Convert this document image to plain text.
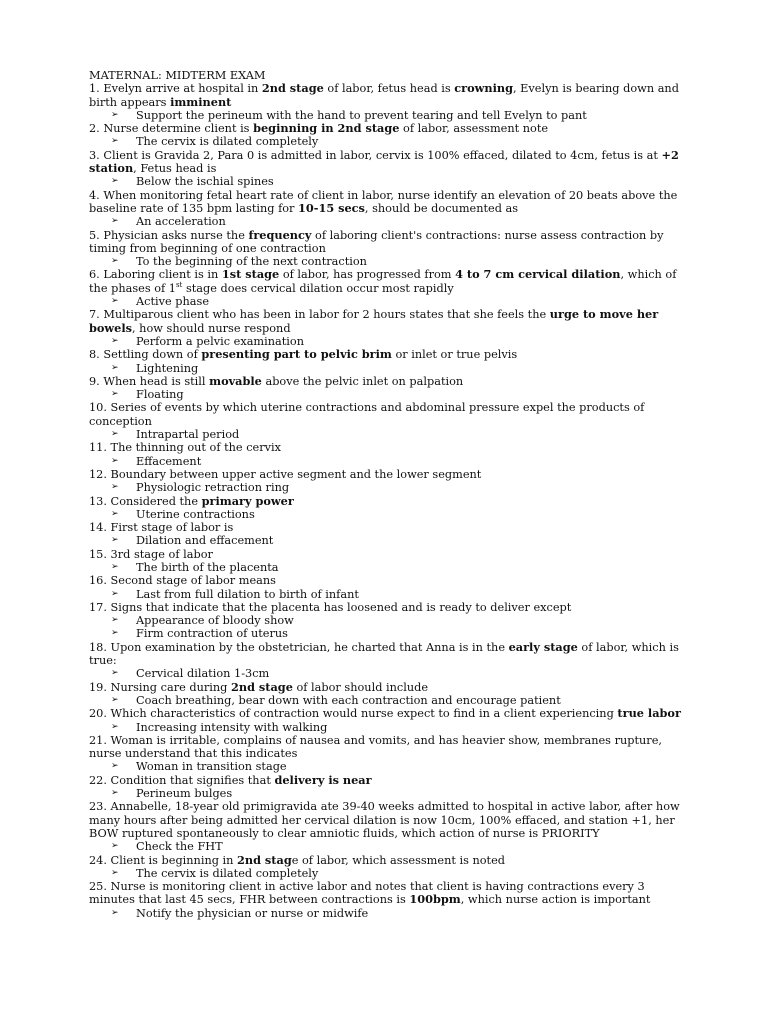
MATERNAL: MIDTERM EXAM

1. Evelyn arrive at hospital in 2nd stage of labor, fetus head is crowning, Evelyn is bearing down and birth appears imminent

➢ Support the perineum with the hand to prevent tearing and tell Evelyn to pant

2. Nurse determine client is beginning in 2nd stage of labor, assessment note

➢ The cervix is dilated completely

3. Client is Gravida 2, Para 0 is admitted in labor, cervix is 100% effaced, dilated to 4cm, fetus is at +2 station, Fetus head is

➢ Below the ischial spines

4. When monitoring fetal heart rate of client in labor, nurse identify an elevation of 20 beats above the baseline rate of 135 bpm lasting for 10-15 secs, should be documented as

➢ An acceleration

5. Physician asks nurse the frequency of laboring client's contractions: nurse assess contraction by timing from beginning of one contraction

➢ To the beginning of the next contraction

6. Laboring client is in 1st stage of labor, has progressed from 4 to 7 cm cervical dilation, which of the phases of 1st stage does cervical dilation occur most rapidly

➢ Active phase

7. Multiparous client who has been in labor for 2 hours states that she feels the urge to move her bowels, how should nurse respond

➢ Perform a pelvic examination

8. Settling down of presenting part to pelvic brim or inlet or true pelvis

➢ Lightening

9. When head is still movable above the pelvic inlet on palpation

➢ Floating

10. Series of events by which uterine contractions and abdominal pressure expel the products of conception

➢ Intrapartal period

11. The thinning out of the cervix

➢ Effacement

12. Boundary between upper active segment and the lower segment

➢ Physiologic retraction ring

13. Considered the primary power

➢ Uterine contractions

14. First stage of labor is

➢ Dilation and effacement

15. 3rd stage of labor

➢ The birth of the placenta

16. Second stage of labor means

➢ Last from full dilation to birth of infant

17. Signs that indicate that the placenta has loosened and is ready to deliver except

➢ Appearance of bloody show

➢ Firm contraction of uterus

18. Upon examination by the obstetrician, he charted that Anna is in the early stage of labor, which is true:

➢ Cervical dilation 1-3cm

19. Nursing care during 2nd stage of labor should include

➢ Coach breathing, bear down with each contraction and encourage patient

20. Which characteristics of contraction would nurse expect to find in a client experiencing true labor

➢ Increasing intensity with walking

21. Woman is irritable, complains of nausea and vomits, and has heavier show, membranes rupture, nurse understand that this indicates

➢ Woman in transition stage

22. Condition that signifies that delivery is near

➢ Perineum bulges

23. Annabelle, 18-year old primigravida ate 39-40 weeks admitted to hospital in active labor, after how many hours after being admitted her cervical dilation is now 10cm, 100% effaced, and station +1, her BOW ruptured spontaneously to clear amniotic fluids, which action of nurse is PRIORITY

➢ Check the FHT

24. Client is beginning in 2nd stage of labor, which assessment is noted

➢ The cervix is dilated completely

25. Nurse is monitoring client in active labor and notes that client is having contractions every 3 minutes that last 45 secs, FHR between contractions is 100bpm, which nurse action is important

➢ Notify the physician or nurse or midwife
